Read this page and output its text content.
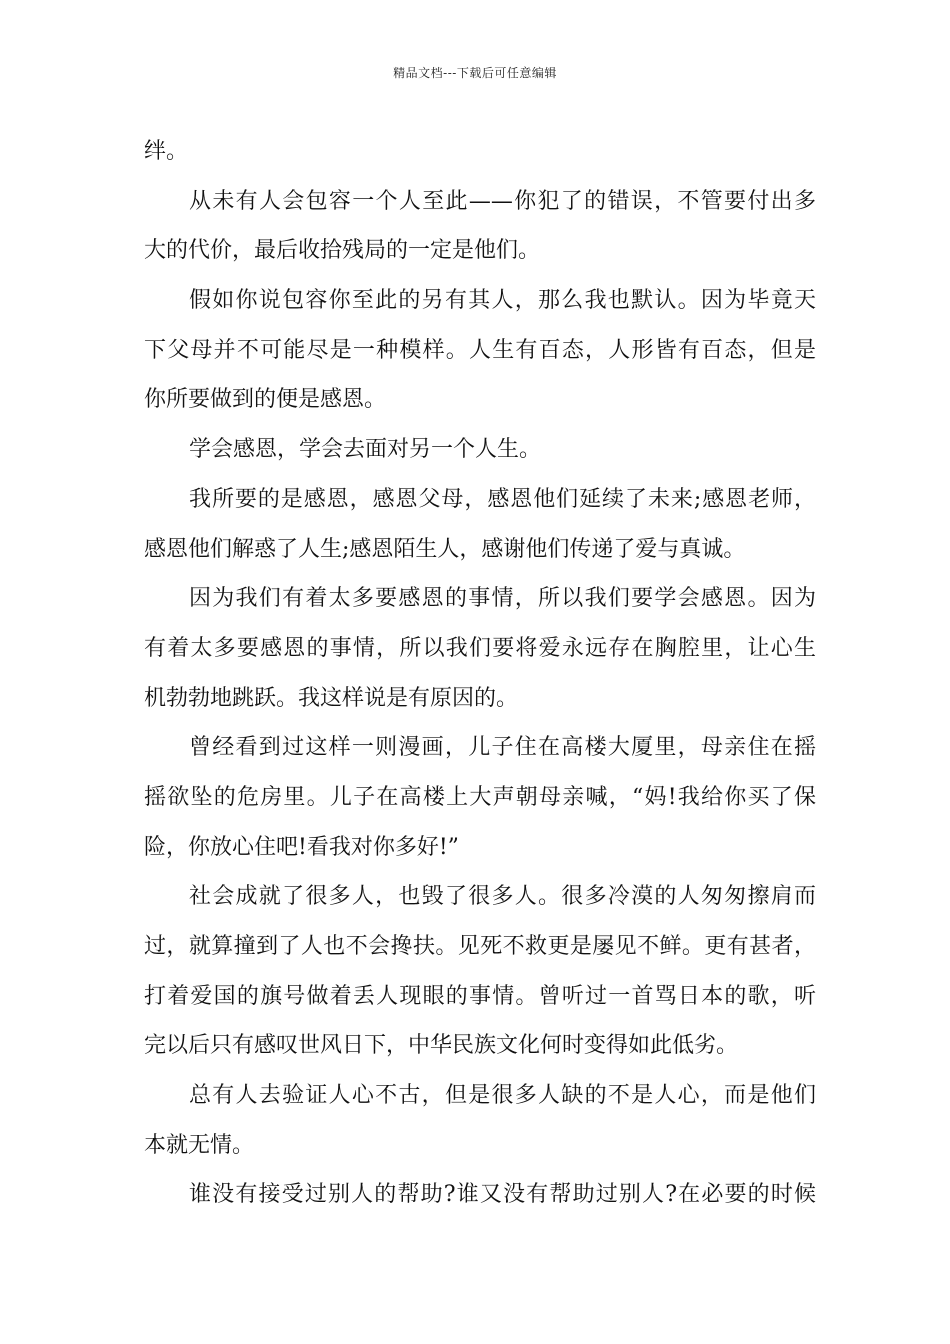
精品文档---下载后可任意编辑
绊。
从未有人会包容一个人至此——你犯了的错误，不管要付出多
大的代价，最后收拾残局的一定是他们。
假如你说包容你至此的另有其人，那么我也默认。因为毕竟天
下父母并不可能尽是一种模样。人生有百态，人形皆有百态，但是
你所要做到的便是感恩。
学会感恩，学会去面对另一个人生。
我所要的是感恩，感恩父母，感恩他们延续了未来;感恩老师，
感恩他们解惑了人生;感恩陌生人，感谢他们传递了爱与真诚。
因为我们有着太多要感恩的事情，所以我们要学会感恩。因为
有着太多要感恩的事情，所以我们要将爱永远存在胸腔里，让心生
机勃勃地跳跃。我这样说是有原因的。
曾经看到过这样一则漫画，儿子住在高楼大厦里，母亲住在摇
摇欲坠的危房里。儿子在高楼上大声朝母亲喊，“妈!我给你买了保
险，你放心住吧!看我对你多好!”
社会成就了很多人，也毁了很多人。很多冷漠的人匆匆擦肩而
过，就算撞到了人也不会搀扶。见死不救更是屡见不鲜。更有甚者，
打着爱国的旗号做着丢人现眼的事情。曾听过一首骂日本的歌，听
完以后只有感叹世风日下，中华民族文化何时变得如此低劣。
总有人去验证人心不古，但是很多人缺的不是人心，而是他们
本就无情。
谁没有接受过别人的帮助?谁又没有帮助过别人?在必要的时候
